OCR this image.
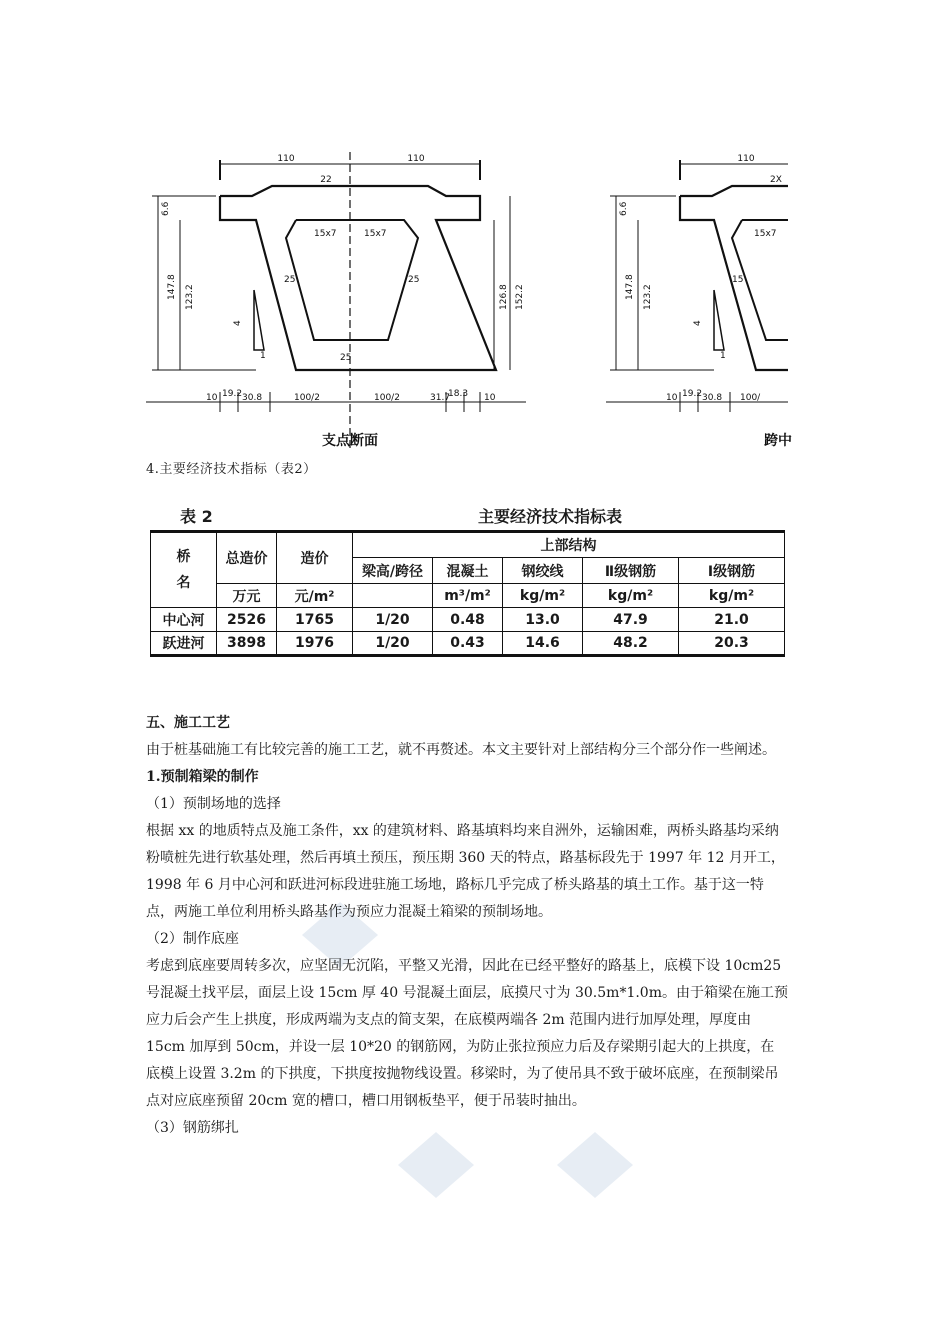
110	110
22
15x7	15x7
25	25
25
147.8 123.2
6.6
126.8 152.2
4
1
10 19.2 30.8	100/2	100/2	31.7
18.3 10
支点断面
110
2X
15x7
15
147.8 123.2
6.6
4
1
10 19.2 30.8 100/
跨中
4.主要经济技术指标（表2）
表 2	主要经济技术指标表
桥
名	总造价	造价	上部结构				
			梁高/跨径	混凝土	钢绞线	Ⅱ级钢筋	Ⅰ级钢筋
	万元	元/m²		m³/m²	kg/m²	kg/m²	kg/m²
中心河	2526	1765	1/20	0.48	13.0	47.9	21.0
跃进河	3898	1976	1/20	0.43	14.6	48.2	20.3

五、施工工艺

由于桩基础施工有比较完善的施工工艺，就不再赘述。本文主要针对上部结构分三个部分作一些阐述。

1.预制箱梁的制作

（1）预制场地的选择

根据 xx 的地质特点及施工条件，xx 的建筑材料、路基填料均来自洲外，运输困难，两桥头路基均采纳粉喷桩先进行软基处理，然后再填土预压，预压期 360 天的特点，路基标段先于 1997 年 12 月开工，1998 年 6 月中心河和跃进河标段进驻施工场地，路标几乎完成了桥头路基的填土工作。基于这一特点，两施工单位利用桥头路基作为预应力混凝土箱梁的预制场地。

（2）制作底座

考虑到底座要周转多次，应坚固无沉陷，平整又光滑，因此在已经平整好的路基上，底模下设 10cm25 号混凝土找平层，面层上设 15cm 厚 40 号混凝土面层，底摸尺寸为 30.5m*1.0m。由于箱梁在施工预应力后会产生上拱度，形成两端为支点的简支架，在底模两端各 2m 范围内进行加厚处理，厚度由 15cm 加厚到 50cm，并设一层 10*20 的钢筋网，为防止张拉预应力后及存梁期引起大的上拱度，在底模上设置 3.2m 的下拱度，下拱度按抛物线设置。移梁时，为了使吊具不致于破坏底座，在预制梁吊点对应底座预留 20cm 宽的槽口，槽口用钢板垫平，便于吊装时抽出。

（3）钢筋绑扎
